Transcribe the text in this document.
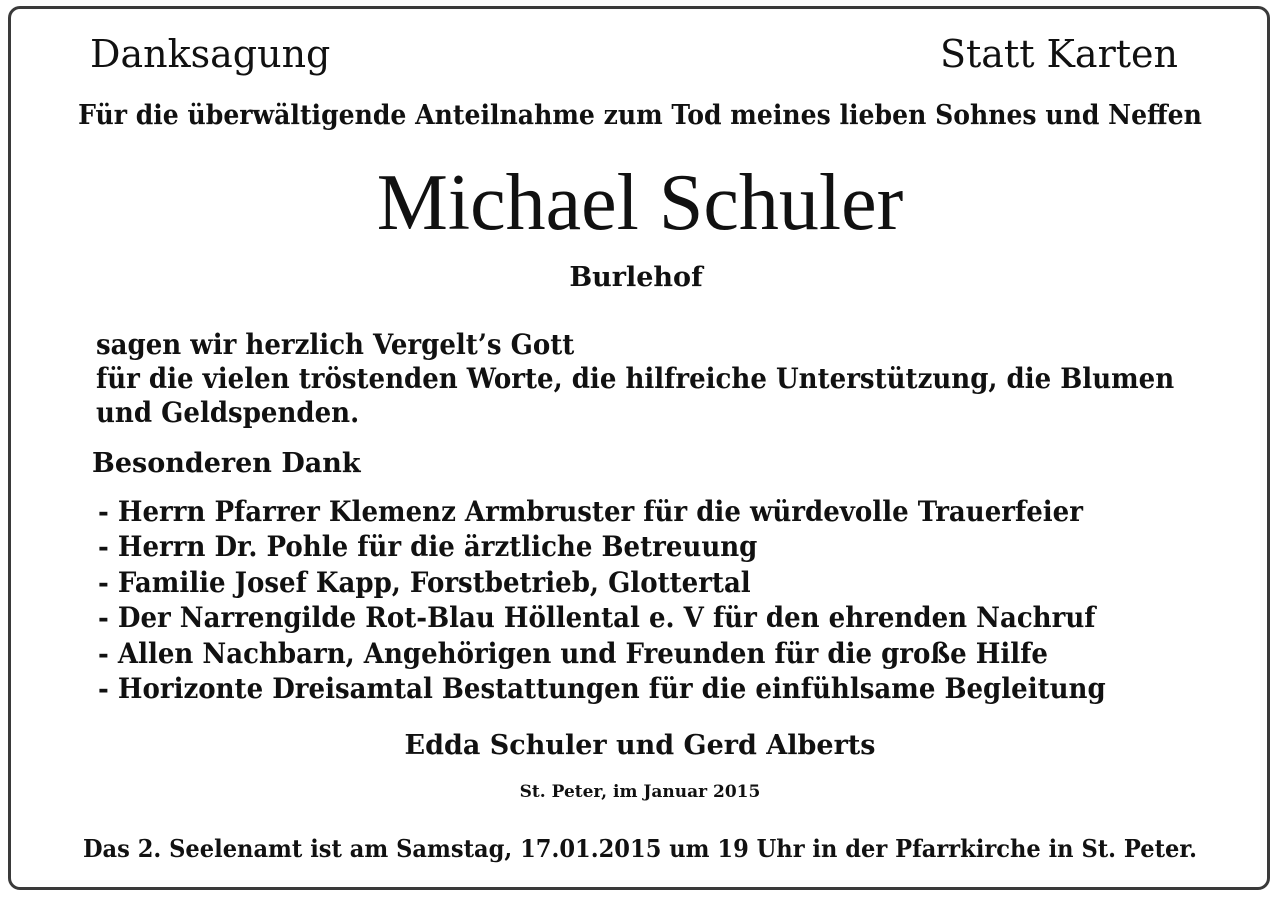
Danksagung	Statt Karten
Für die überwältigende Anteilnahme zum Tod meines lieben Sohnes und Neffen
Michael Schuler
Burlehof
sagen wir herzlich Vergelt’s Gott
für die vielen tröstenden Worte, die hilfreiche Unterstützung, die Blumen
und Geldspenden.
Besonderen Dank
- Herrn Pfarrer Klemenz Armbruster für die würdevolle Trauerfeier
- Herrn Dr. Pohle für die ärztliche Betreuung
- Familie Josef Kapp, Forstbetrieb, Glottertal
- Der Narrengilde Rot-Blau Höllental e. V für den ehrenden Nachruf
- Allen Nachbarn, Angehörigen und Freunden für die große Hilfe
- Horizonte Dreisamtal Bestattungen für die einfühlsame Begleitung
Edda Schuler und Gerd Alberts
St. Peter, im Januar 2015
Das 2. Seelenamt ist am Samstag, 17.01.2015 um 19 Uhr in der Pfarrkirche in St. Peter.
